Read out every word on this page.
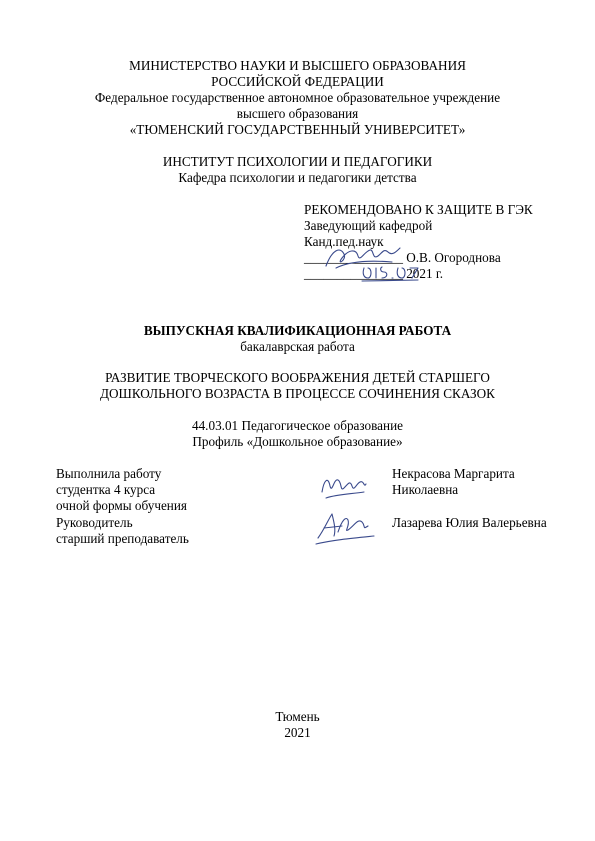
МИНИСТЕРСТВО НАУКИ И ВЫСШЕГО ОБРАЗОВАНИЯ
РОССИЙСКОЙ ФЕДЕРАЦИИ
Федеральное государственное автономное образовательное учреждение
высшего образования
«ТЮМЕНСКИЙ ГОСУДАРСТВЕННЫЙ УНИВЕРСИТЕТ»
ИНСТИТУТ ПСИХОЛОГИИ И ПЕДАГОГИКИ
Кафедра психологии и педагогики детства
РЕКОМЕНДОВАНО К ЗАЩИТЕ В ГЭК
Заведующий кафедрой
Канд.пед.наук
_______________ О.В. Огороднова
_______________ 2021 г.
ВЫПУСКНАЯ КВАЛИФИКАЦИОННАЯ РАБОТА
бакалаврская работа
РАЗВИТИЕ ТВОРЧЕСКОГО ВООБРАЖЕНИЯ ДЕТЕЙ СТАРШЕГО
ДОШКОЛЬНОГО ВОЗРАСТА В ПРОЦЕССЕ СОЧИНЕНИЯ СКАЗОК
44.03.01 Педагогическое образование
Профиль «Дошкольное образование»
Выполнила работу
студентка 4 курса
очной формы обучения
Некрасова Маргарита
Николаевна
Руководитель
старший преподаватель
Лазарева Юлия Валерьевна
Тюмень
2021
